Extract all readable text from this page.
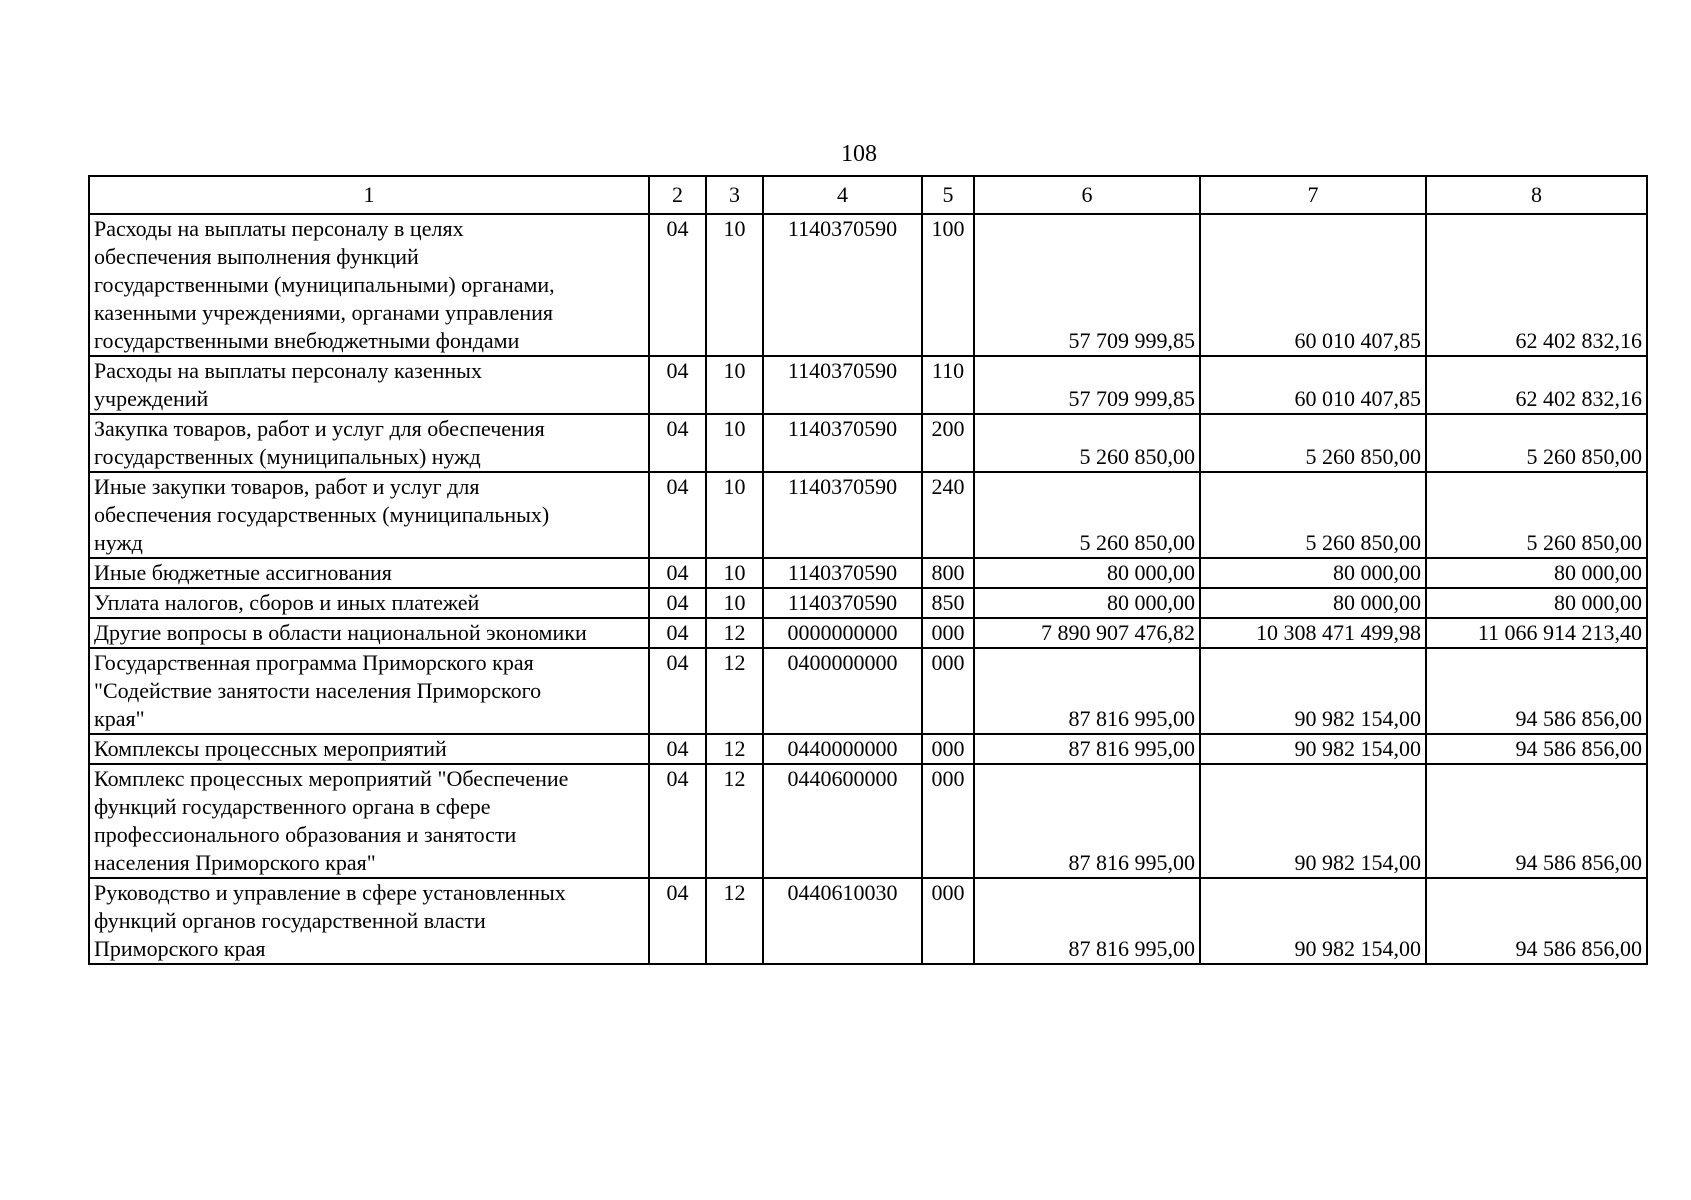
108
1	2	3	4	5	6	7	8
Расходы на выплаты персоналу в целях
обеспечения выполнения функций
государственными (муниципальными) органами,
казенными учреждениями, органами управления
государственными внебюджетными фондами	04	10	1140370590	100	57 709 999,85	60 010 407,85	62 402 832,16
Расходы на выплаты персоналу казенных
учреждений	04	10	1140370590	110	57 709 999,85	60 010 407,85	62 402 832,16
Закупка товаров, работ и услуг для обеспечения
государственных (муниципальных) нужд	04	10	1140370590	200	5 260 850,00	5 260 850,00	5 260 850,00
Иные закупки товаров, работ и услуг для
обеспечения государственных (муниципальных)
нужд	04	10	1140370590	240	5 260 850,00	5 260 850,00	5 260 850,00
Иные бюджетные ассигнования	04	10	1140370590	800	80 000,00	80 000,00	80 000,00
Уплата налогов, сборов и иных платежей	04	10	1140370590	850	80 000,00	80 000,00	80 000,00
Другие вопросы в области национальной экономики	04	12	0000000000	000	7 890 907 476,82	10 308 471 499,98	11 066 914 213,40
Государственная программа Приморского края
"Содействие занятости населения Приморского
края"	04	12	0400000000	000	87 816 995,00	90 982 154,00	94 586 856,00
Комплексы процессных мероприятий	04	12	0440000000	000	87 816 995,00	90 982 154,00	94 586 856,00
Комплекс процессных мероприятий "Обеспечение
функций государственного органа в сфере
профессионального образования и занятости
населения Приморского края"	04	12	0440600000	000	87 816 995,00	90 982 154,00	94 586 856,00
Руководство и управление в сфере установленных
функций органов государственной власти
Приморского края	04	12	0440610030	000	87 816 995,00	90 982 154,00	94 586 856,00
